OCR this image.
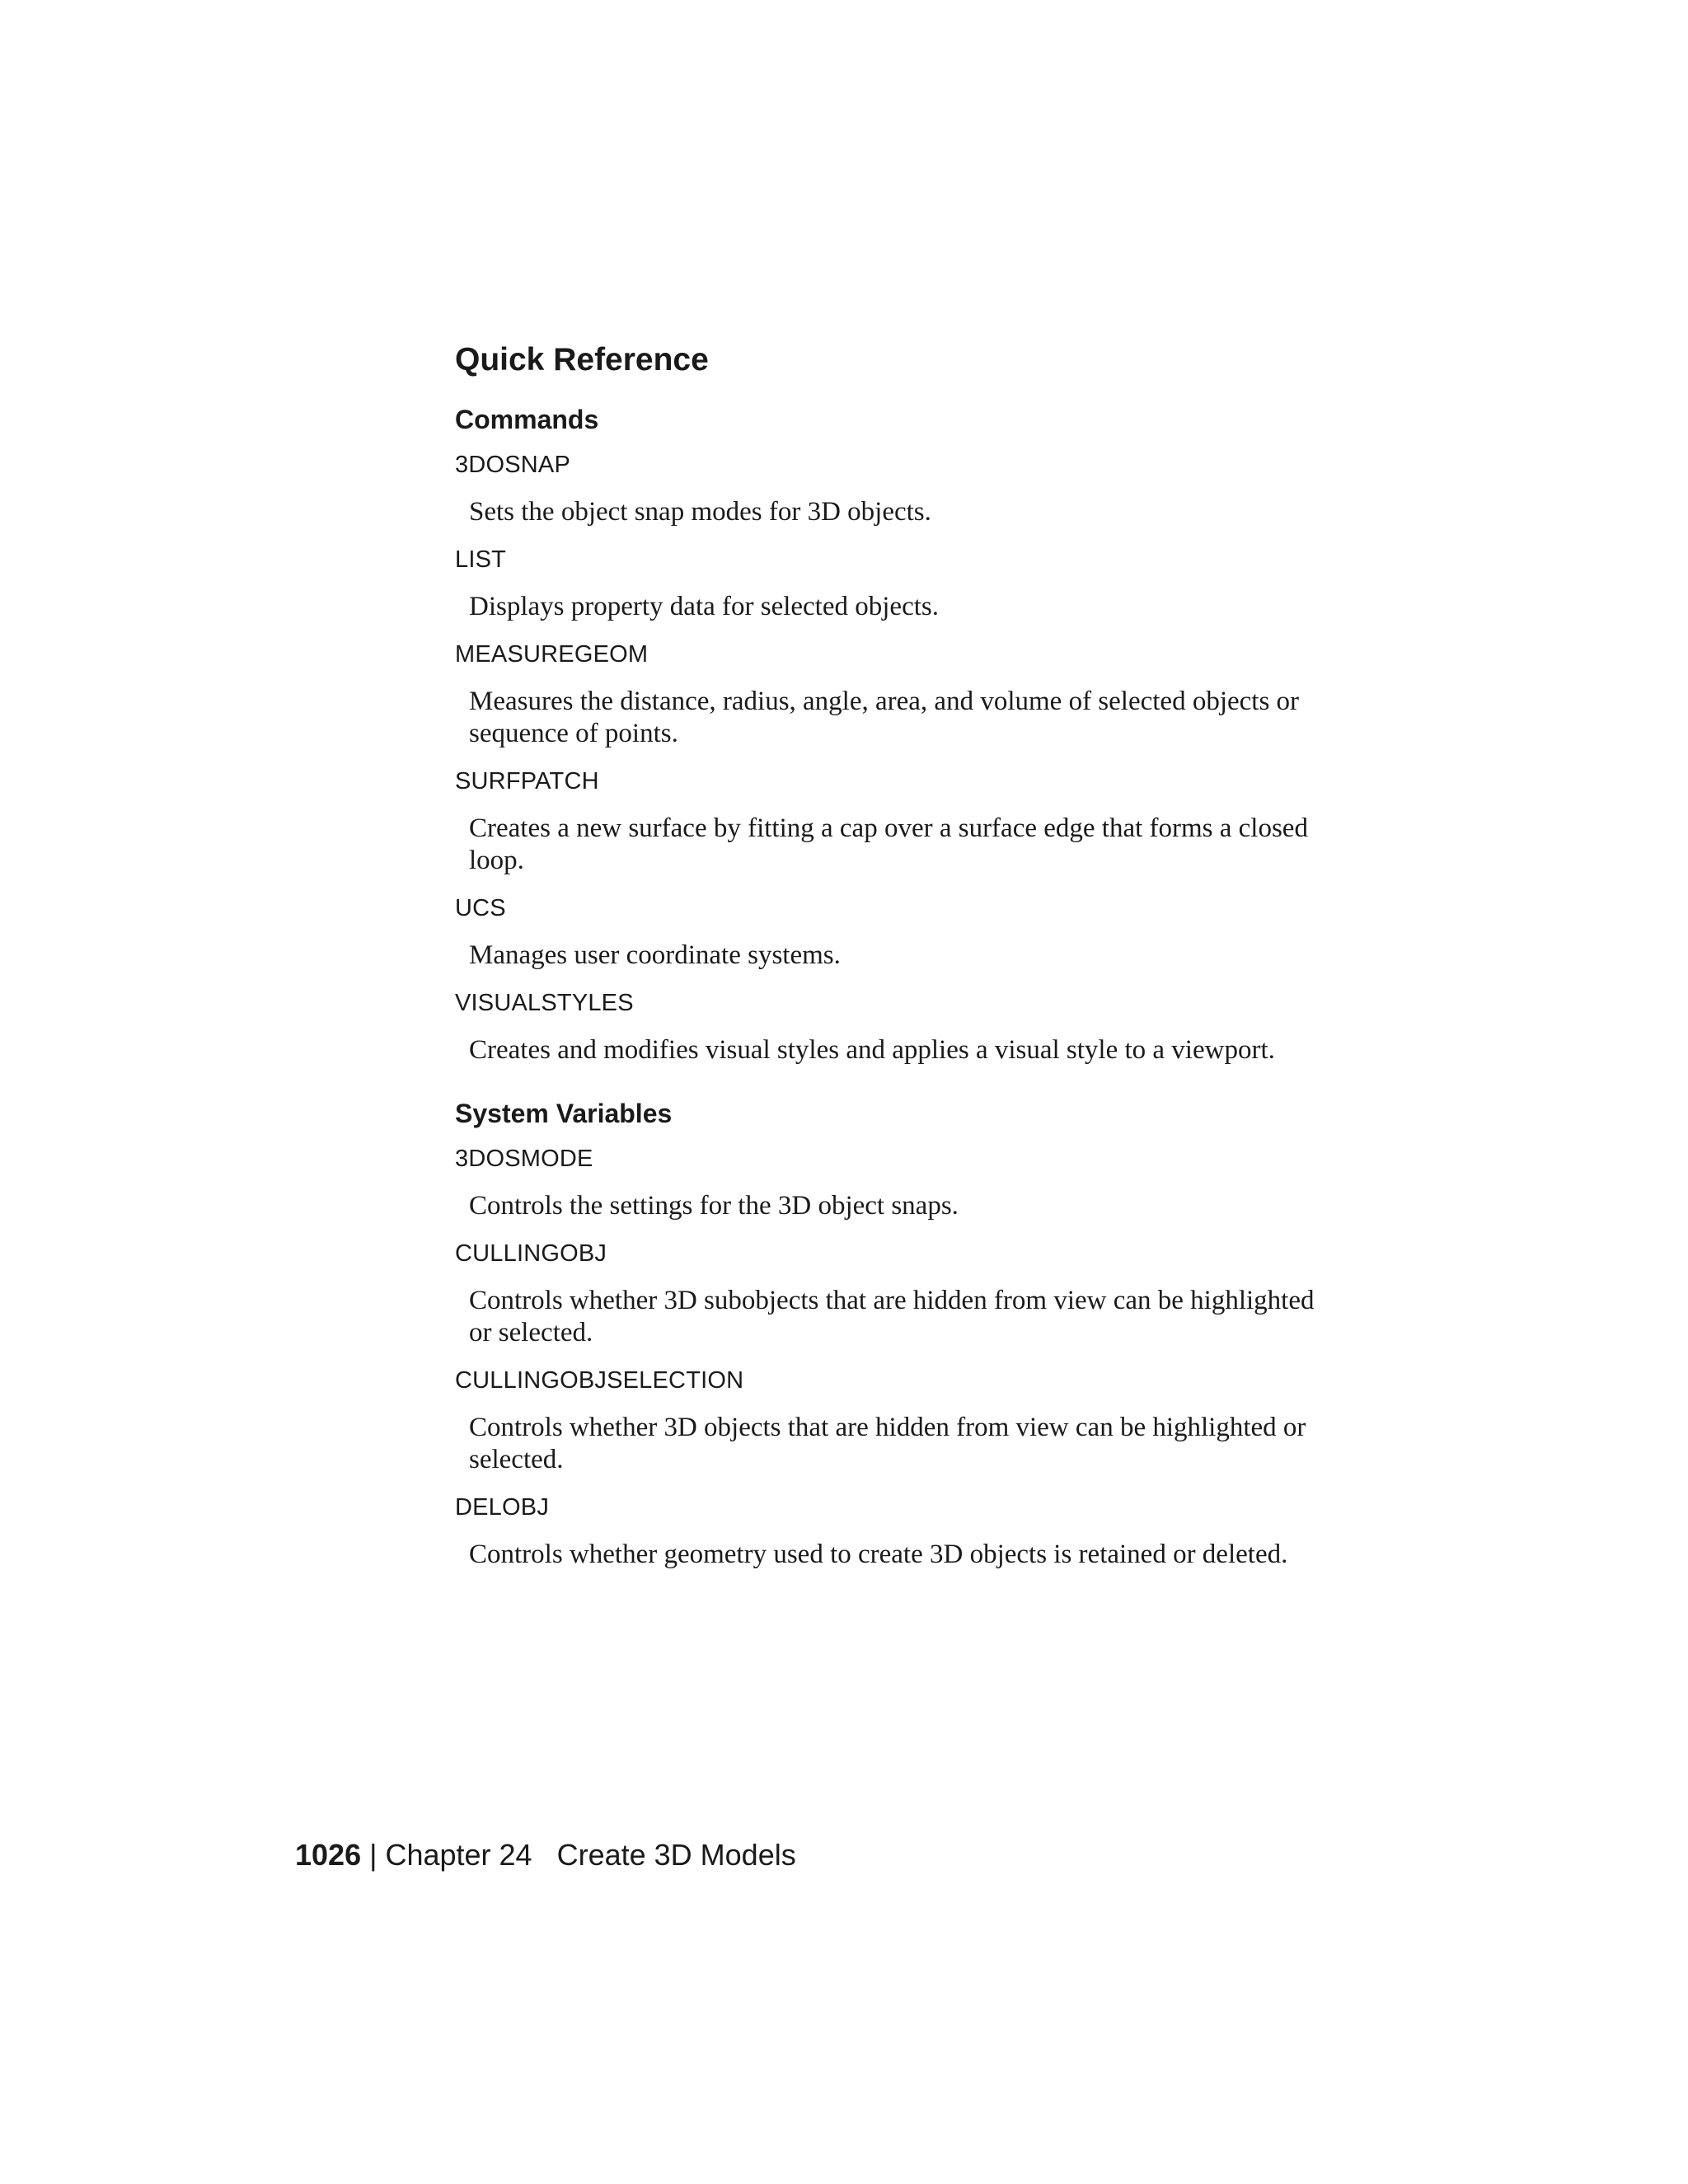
Quick Reference
Commands
3DOSNAP
Sets the object snap modes for 3D objects.
LIST
Displays property data for selected objects.
MEASUREGEOM
Measures the distance, radius, angle, area, and volume of selected objects or sequence of points.
SURFPATCH
Creates a new surface by fitting a cap over a surface edge that forms a closed loop.
UCS
Manages user coordinate systems.
VISUALSTYLES
Creates and modifies visual styles and applies a visual style to a viewport.
System Variables
3DOSMODE
Controls the settings for the 3D object snaps.
CULLINGOBJ
Controls whether 3D subobjects that are hidden from view can be highlighted or selected.
CULLINGOBJSELECTION
Controls whether 3D objects that are hidden from view can be highlighted or selected.
DELOBJ
Controls whether geometry used to create 3D objects is retained or deleted.
1026 | Chapter 24 Create 3D Models
